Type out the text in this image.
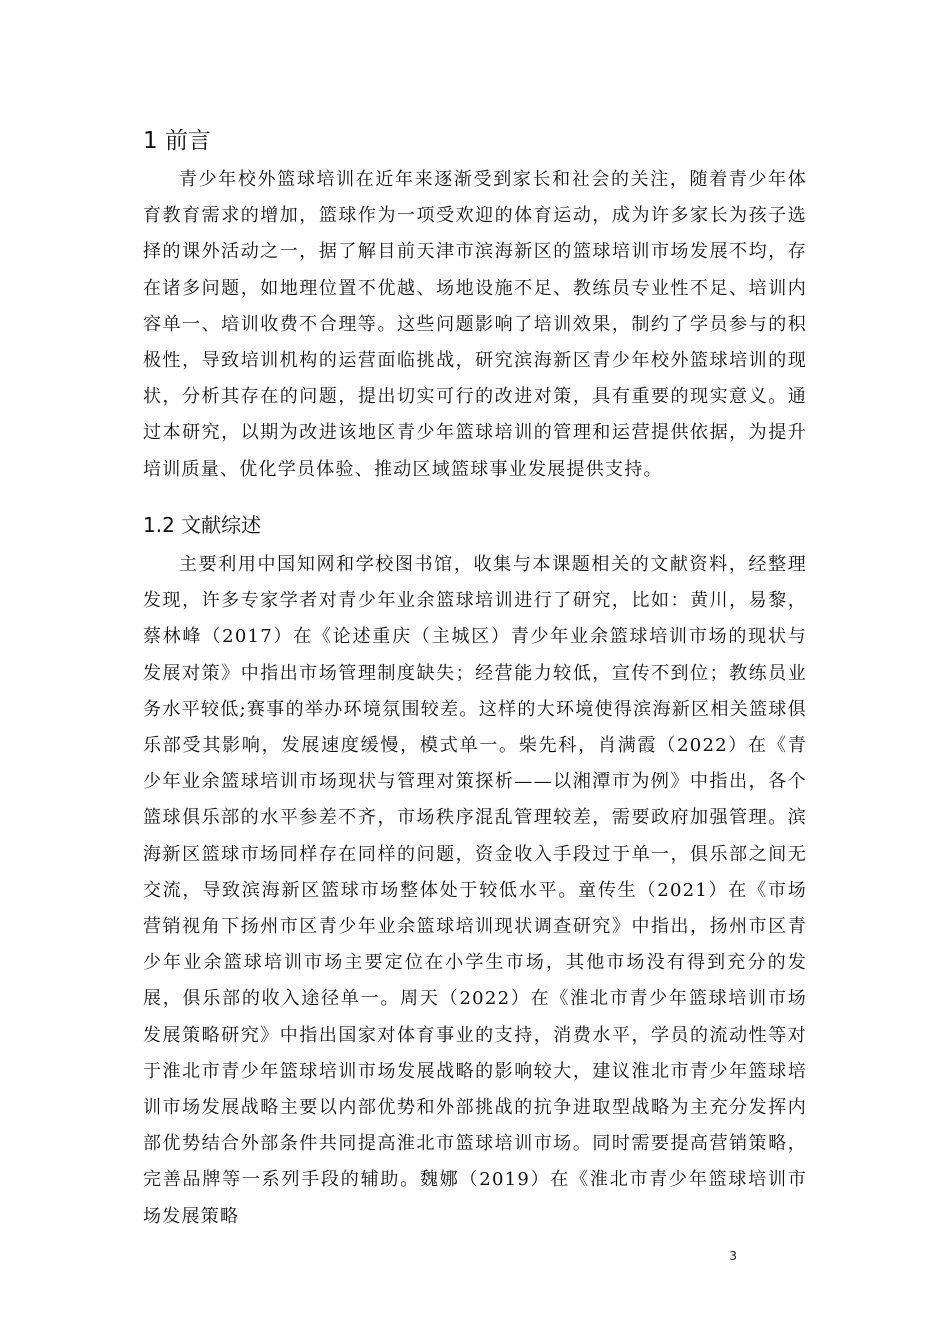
1 前言

青少年校外篮球培训在近年来逐渐受到家长和社会的关注，随着青少年体育教育需求的增加，篮球作为一项受欢迎的体育运动，成为许多家长为孩子选择的课外活动之一，据了解目前天津市滨海新区的篮球培训市场发展不均，存在诸多问题，如地理位置不优越、场地设施不足、教练员专业性不足、培训内容单一、培训收费不合理等。这些问题影响了培训效果，制约了学员参与的积极性，导致培训机构的运营面临挑战，研究滨海新区青少年校外篮球培训的现状，分析其存在的问题，提出切实可行的改进对策，具有重要的现实意义。通过本研究，以期为改进该地区青少年篮球培训的管理和运营提供依据，为提升培训质量、优化学员体验、推动区域篮球事业发展提供支持。

1.2 文献综述

主要利用中国知网和学校图书馆，收集与本课题相关的文献资料，经整理发现，许多专家学者对青少年业余篮球培训进行了研究，比如：黄川，易黎，蔡林峰（2017）在《论述重庆（主城区）青少年业余篮球培训市场的现状与发展对策》中指出市场管理制度缺失；经营能力较低，宣传不到位；教练员业务水平较低;赛事的举办环境氛围较差。这样的大环境使得滨海新区相关篮球俱乐部受其影响，发展速度缓慢，模式单一。柴先科，肖满霞（2022）在《青少年业余篮球培训市场现状与管理对策探析——以湘潭市为例》中指出，各个篮球俱乐部的水平参差不齐，市场秩序混乱管理较差，需要政府加强管理。滨海新区篮球市场同样存在同样的问题，资金收入手段过于单一，俱乐部之间无交流，导致滨海新区篮球市场整体处于较低水平。童传生（2021）在《市场营销视角下扬州市区青少年业余篮球培训现状调查研究》中指出，扬州市区青少年业余篮球培训市场主要定位在小学生市场，其他市场没有得到充分的发展，俱乐部的收入途径单一。周天（2022）在《淮北市青少年篮球培训市场发展策略研究》中指出国家对体育事业的支持，消费水平，学员的流动性等对于淮北市青少年篮球培训市场发展战略的影响较大，建议淮北市青少年篮球培训市场发展战略主要以内部优势和外部挑战的抗争进取型战略为主充分发挥内部优势结合外部条件共同提高淮北市篮球培训市场。同时需要提高营销策略，完善品牌等一系列手段的辅助。魏娜（2019）在《淮北市青少年篮球培训市场发展策略

3
